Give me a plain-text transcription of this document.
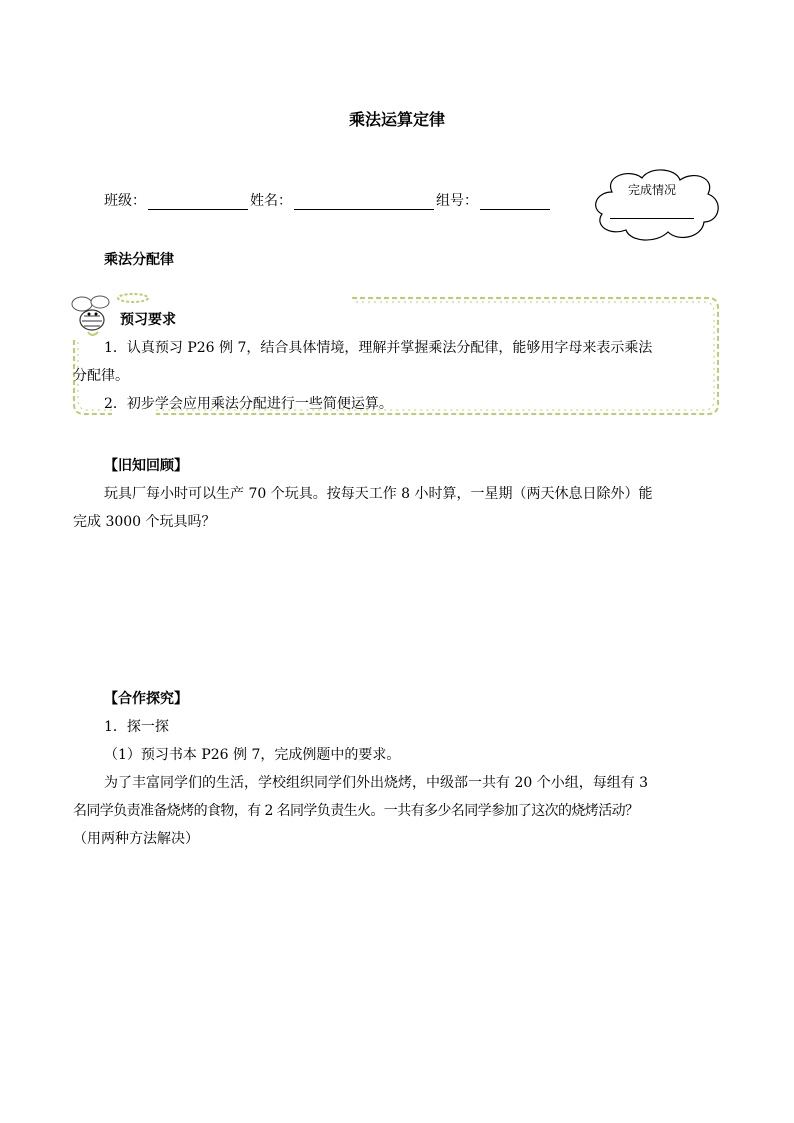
乘法运算定律
班级：	姓名：	组号：
完成情况
乘法分配律
预习要求
1．认真预习 P26 例 7，结合具体情境，理解并掌握乘法分配律，能够用字母来表示乘法
分配律。
2．初步学会应用乘法分配进行一些简便运算。
【旧知回顾】
玩具厂每小时可以生产 70 个玩具。按每天工作 8 小时算，一星期（两天休息日除外）能
完成 3000 个玩具吗？
【合作探究】
1．探一探
（1）预习书本 P26 例 7，完成例题中的要求。
为了丰富同学们的生活，学校组织同学们外出烧烤，中级部一共有 20 个小组，每组有 3
名同学负责准备烧烤的食物，有 2 名同学负责生火。一共有多少名同学参加了这次的烧烤活动？
（用两种方法解决）
